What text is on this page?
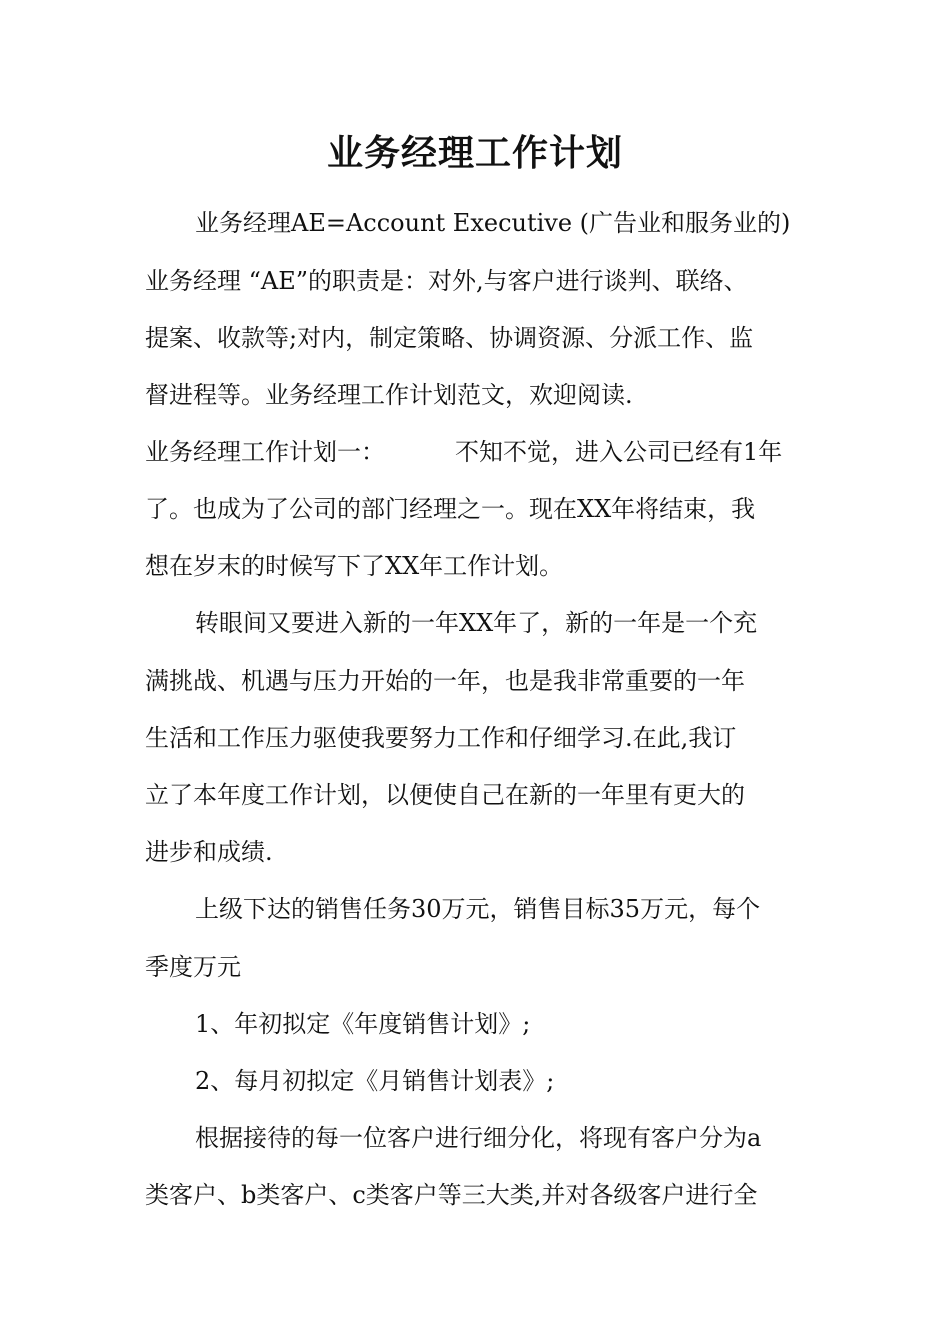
业务经理工作计划

业务经理AE=Account Executive (广告业和服务业的)

业务经理 “AE”的职责是：对外,与客户进行谈判、联络、

提案、收款等;对内，制定策略、协调资源、分派工作、监

督进程等。业务经理工作计划范文，欢迎阅读.

业务经理工作计划一：	不知不觉，进入公司已经有1年

了。也成为了公司的部门经理之一。现在XX年将结束，我

想在岁末的时候写下了XX年工作计划。

转眼间又要进入新的一年XX年了，新的一年是一个充

满挑战、机遇与压力开始的一年，也是我非常重要的一年

生活和工作压力驱使我要努力工作和仔细学习.在此,我订

立了本年度工作计划，以便使自己在新的一年里有更大的

进步和成绩.

上级下达的销售任务30万元，销售目标35万元，每个

季度万元

1、年初拟定《年度销售计划》;

2、每月初拟定《月销售计划表》;

根据接待的每一位客户进行细分化，将现有客户分为a

类客户、b类客户、c类客户等三大类,并对各级客户进行全
